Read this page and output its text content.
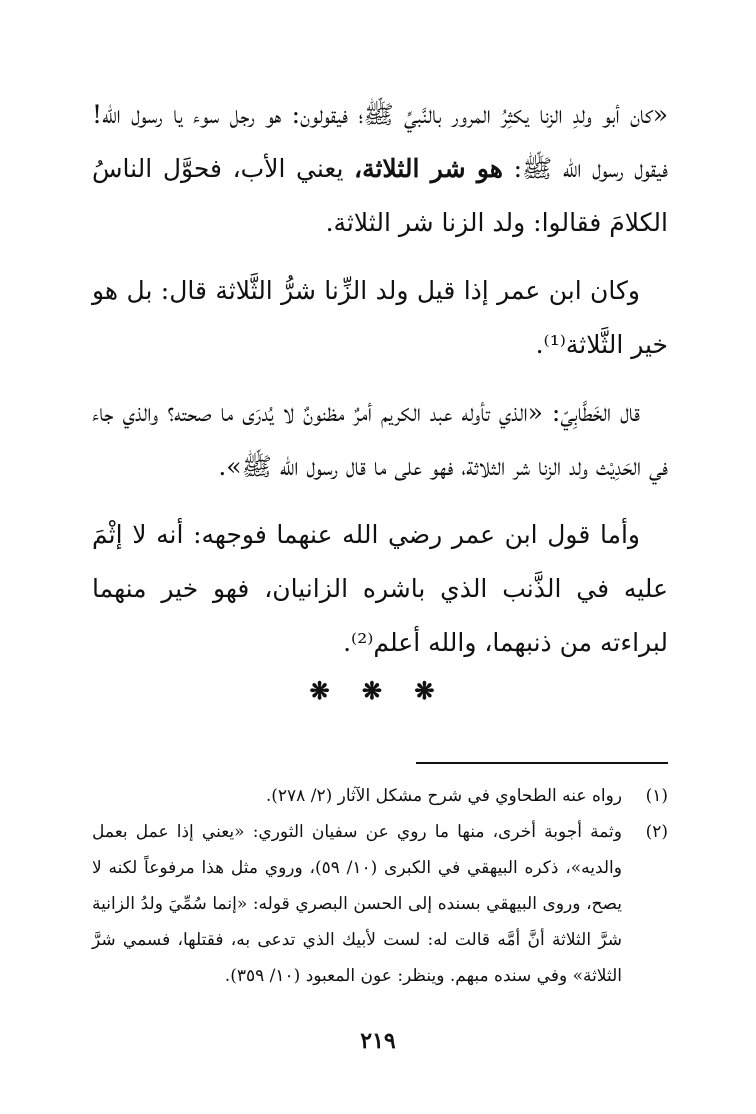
«كان أبو ولدِ الزنا يكثِرُ المرور بالنَّبيِّ ﷺ؛ فيقولون: هو رجل سوء يا رسول الله! فيقول رسول الله ﷺ: هو شر الثلاثة، يعني الأب، فحوَّل الناسُ الكلامَ فقالوا: ولد الزنا شر الثلاثة.

وكان ابن عمر إذا قيل ولد الزِّنا شرُّ الثَّلاثة قال: بل هو خير الثَّلاثة⁽¹⁾.

قال الخَطَّابِيّ: «الذي تأوله عبد الكريم أمرٌ مظنونٌ لا يُدرَى ما صحته؟ والذي جاء في الحَدِيْث ولد الزنا شر الثلاثة، فهو على ما قال رسول الله ﷺ».

وأما قول ابن عمر رضي الله عنهما فوجهه: أنه لا إثْمَ عليه في الذَّنب الذي باشره الزانيان، فهو خير منهما لبراءته من ذنبهما، والله أعلم⁽²⁾.

❋ ❋ ❋
(١)
رواه عنه الطحاوي في شرح مشكل الآثار (٢/ ٢٧٨).
(٢)
وثمة أجوبة أخرى، منها ما روي عن سفيان الثوري: «يعني إذا عمل بعمل والديه»، ذكره البيهقي في الكبرى (١٠/ ٥٩)، وروي مثل هذا مرفوعاً لكنه لا يصح، وروى البيهقي بسنده إلى الحسن البصري قوله: «إنما سُمِّيَ ولدُ الزانية شرَّ الثلاثة أنَّ أمَّه قالت له: لست لأبيك الذي تدعى به، فقتلها، فسمي شرَّ الثلاثة» وفي سنده مبهم. وينظر: عون المعبود (١٠/ ٣٥٩).
٢١٩
